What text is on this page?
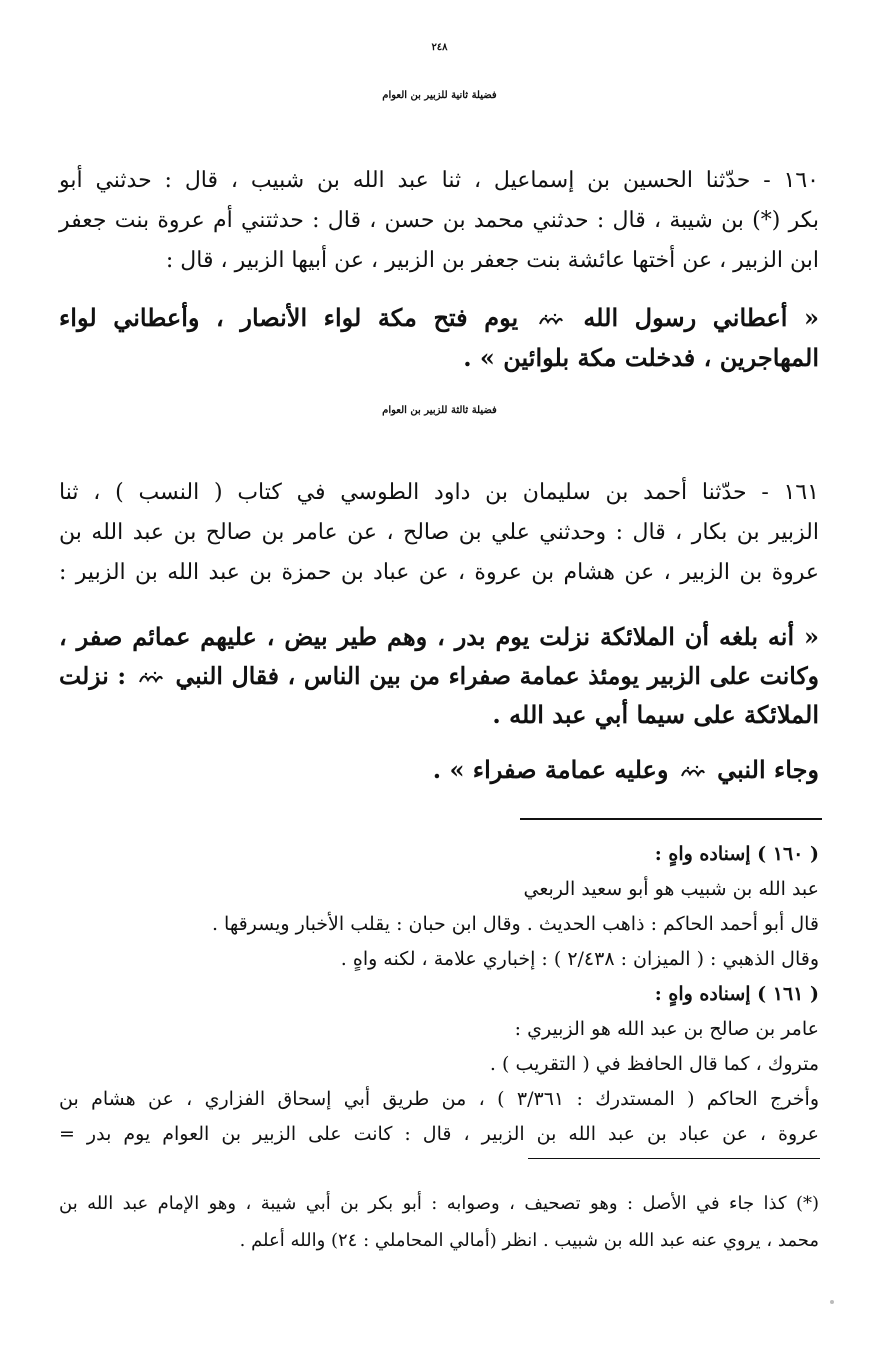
٢٤٨
فضيلة ثانية للزبير بن العوام
١٦٠ - حدّثنا الحسين بن إسماعيل ، ثنا عبد الله بن شبيب ، قال : حدثني أبو
بكر (*) بن شيبة ، قال : حدثني محمد بن حسن ، قال : حدثتني أم عروة بنت جعفر
ابن الزبير ، عن أختها عائشة بنت جعفر بن الزبير ، عن أبيها الزبير ، قال :
« أعطاني رسول الله  يوم فتح مكة لواء الأنصار ، وأعطاني لواء
المهاجرين ، فدخلت مكة بلوائين » .
فضيلة ثالثة للزبير بن العوام
١٦١ - حدّثنا أحمد بن سليمان بن داود الطوسي في كتاب ( النسب ) ، ثنا
الزبير بن بكار ، قال : وحدثني علي بن صالح ، عن عامر بن صالح بن عبد الله بن
عروة بن الزبير ، عن هشام بن عروة ، عن عباد بن حمزة بن عبد الله بن الزبير :
« أنه بلغه أن الملائكة نزلت يوم بدر ، وهم طير بيض ، عليهم عمائم صفر ،
وكانت على الزبير يومئذ عمامة صفراء من بين الناس ، فقال النبي  : نزلت
الملائكة على سيما أبي عبد الله .
وجاء النبي  وعليه عمامة صفراء » .
( ١٦٠ ) إسناده واهٍ :
عبد الله بن شبيب هو أبو سعيد الربعي
قال أبو أحمد الحاكم : ذاهب الحديث . وقال ابن حبان : يقلب الأخبار ويسرقها .
وقال الذهبي : ( الميزان : ٢/٤٣٨ ) : إخباري علامة ، لكنه واهٍ .
( ١٦١ ) إسناده واهٍ :
عامر بن صالح بن عبد الله هو الزبيري :
متروك ، كما قال الحافظ في ( التقريب ) .
وأخرج الحاكم ( المستدرك : ٣/٣٦١ ) ، من طريق أبي إسحاق الفزاري ، عن هشام بن
عروة ، عن عباد بن عبد الله بن الزبير ، قال : كانت على الزبير بن العوام يوم بدر =
(*) كذا جاء في الأصل : وهو تصحيف ، وصوابه : أبو بكر بن أبي شيبة ، وهو الإمام عبد الله بن
محمد ، يروي عنه عبد الله بن شبيب . انظر (أمالي المحاملي : ٢٤) والله أعلم .
